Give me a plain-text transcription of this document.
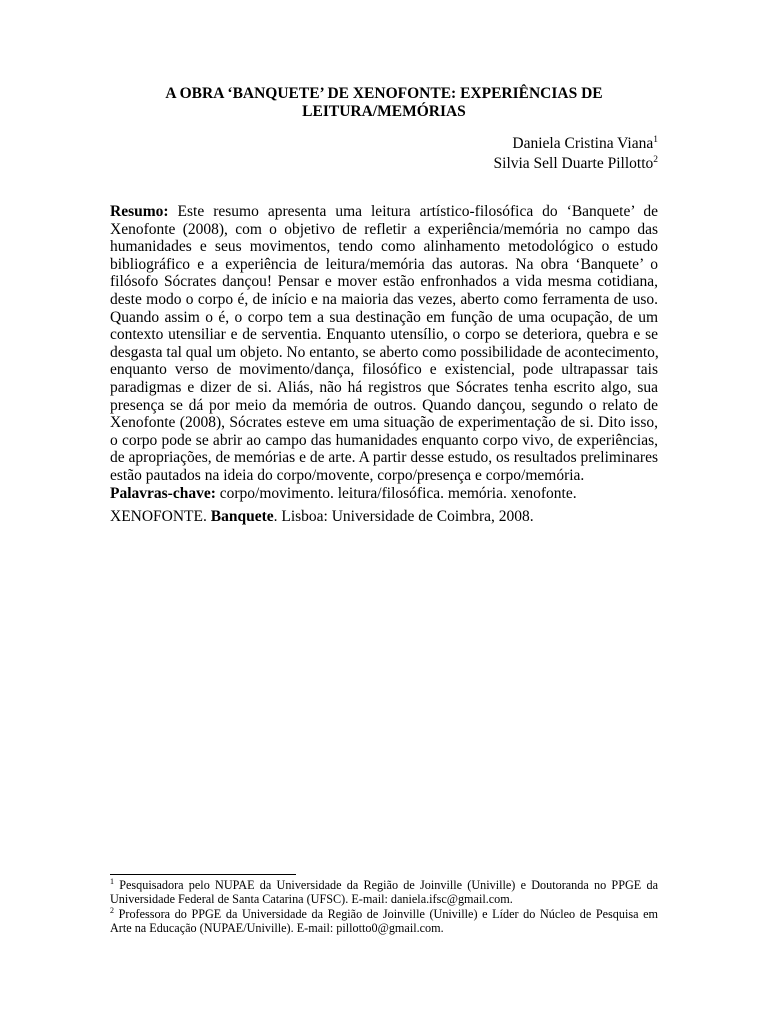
A OBRA ‘BANQUETE’ DE XENOFONTE: EXPERIÊNCIAS DE
LEITURA/MEMÓRIAS
Daniela Cristina Viana$^1$
Silvia Sell Duarte Pillotto$^2$
Resumo: Este resumo apresenta uma leitura artístico-filosófica do ‘Banquete’ de
Xenofonte (2008), com o objetivo de refletir a experiência/memória no campo das
humanidades e seus movimentos, tendo como alinhamento metodológico o estudo
bibliográfico e a experiência de leitura/memória das autoras. Na obra ‘Banquete’ o
filósofo Sócrates dançou! Pensar e mover estão enfronhados a vida mesma cotidiana,
deste modo o corpo é, de início e na maioria das vezes, aberto como ferramenta de uso.
Quando assim o é, o corpo tem a sua destinação em função de uma ocupação, de um
contexto utensiliar e de serventia. Enquanto utensílio, o corpo se deteriora, quebra e se
desgasta tal qual um objeto. No entanto, se aberto como possibilidade de acontecimento,
enquanto verso de movimento/dança, filosófico e existencial, pode ultrapassar tais
paradigmas e dizer de si. Aliás, não há registros que Sócrates tenha escrito algo, sua
presença se dá por meio da memória de outros. Quando dançou, segundo o relato de
Xenofonte (2008), Sócrates esteve em uma situação de experimentação de si. Dito isso,
o corpo pode se abrir ao campo das humanidades enquanto corpo vivo, de experiências,
de apropriações, de memórias e de arte. A partir desse estudo, os resultados preliminares
estão pautados na ideia do corpo/movente, corpo/presença e corpo/memória.
Palavras-chave: corpo/movimento. leitura/filosófica. memória. xenofonte.
XENOFONTE. Banquete. Lisboa: Universidade de Coimbra, 2008.
$^1$ Pesquisadora pelo NUPAE da Universidade da Região de Joinville (Univille) e Doutoranda no PPGE da
Universidade Federal de Santa Catarina (UFSC). E-mail: daniela.ifsc@gmail.com.
$^2$ Professora do PPGE da Universidade da Região de Joinville (Univille) e Líder do Núcleo de Pesquisa em
Arte na Educação (NUPAE/Univille). E-mail: pillotto0@gmail.com.
